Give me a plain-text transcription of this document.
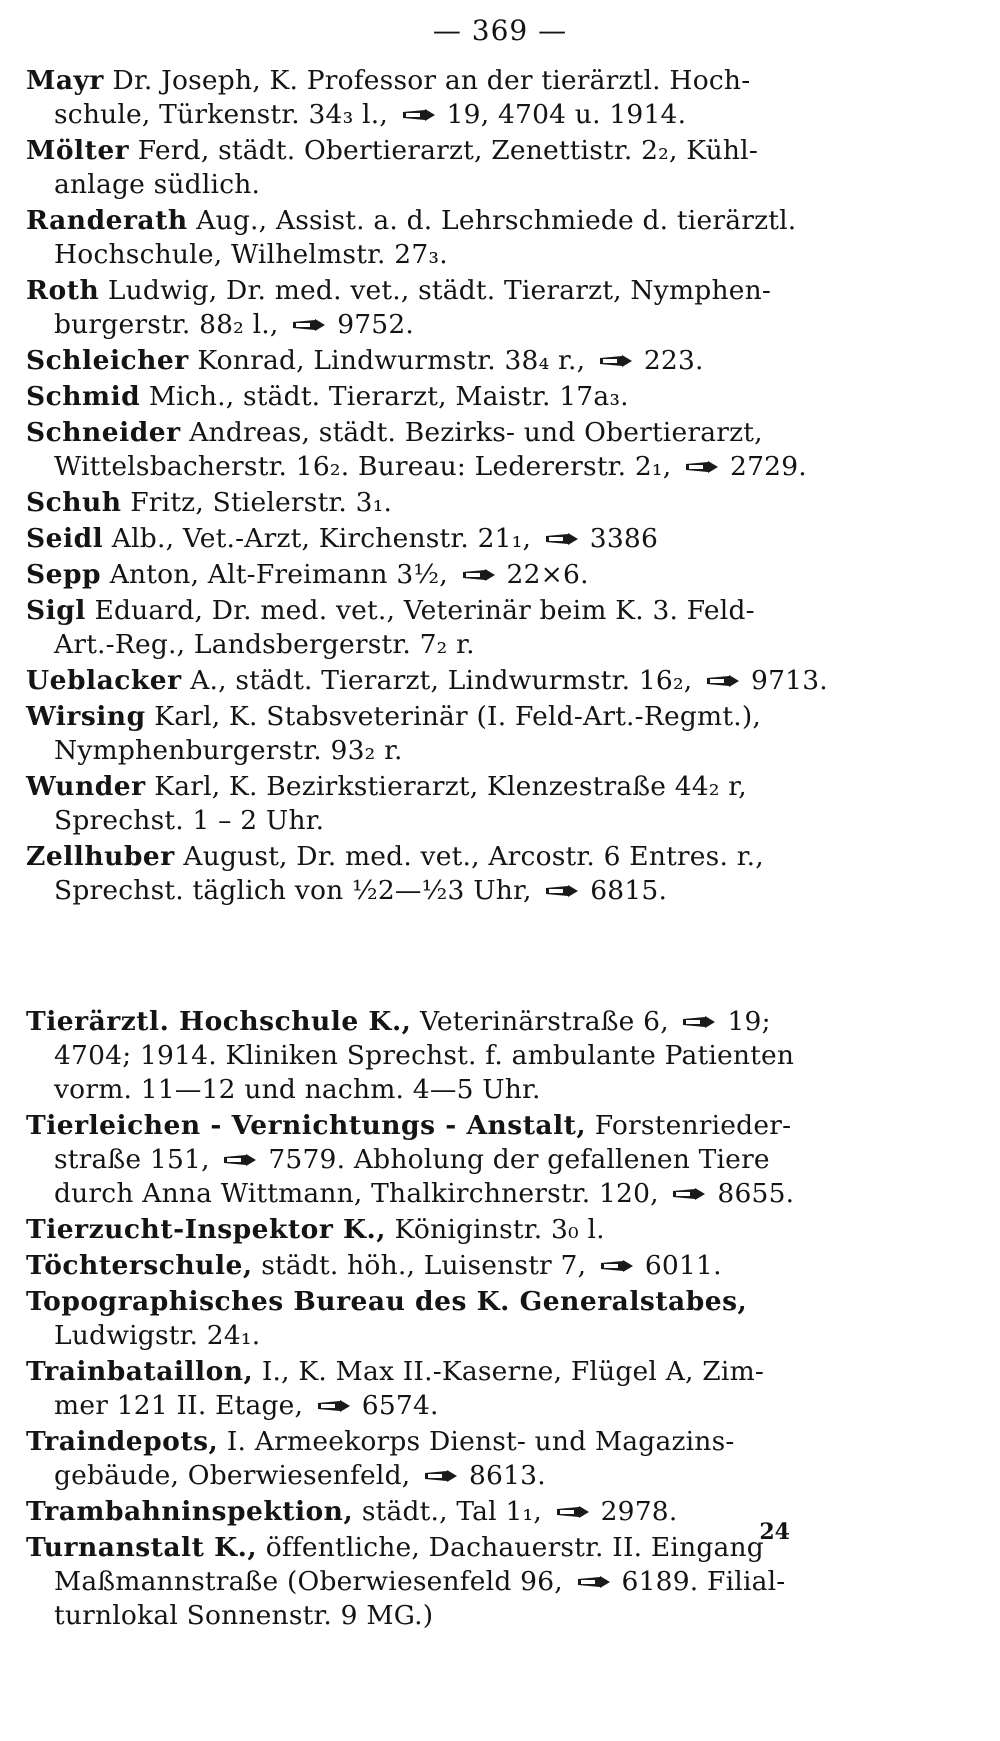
— 369 —
Mayr Dr. Joseph, K. Professor an der tierärztl. Hoch-
schule, Türkenstr. 34₃ l.,
19, 4704 u. 1914.
Mölter Ferd, städt. Obertierarzt, Zenettistr. 2₂, Kühl-
anlage südlich.
Randerath Aug., Assist. a. d. Lehrschmiede d. tierärztl.
Hochschule, Wilhelmstr. 27₃.
Roth Ludwig, Dr. med. vet., städt. Tierarzt, Nymphen-
burgerstr. 88₂ l.,
9752.
Schleicher Konrad, Lindwurmstr. 38₄ r.,
223.
Schmid Mich., städt. Tierarzt, Maistr. 17a₃.
Schneider Andreas, städt. Bezirks- und Obertierarzt,
Wittelsbacherstr. 16₂. Bureau: Ledererstr. 2₁,
2729.
Schuh Fritz, Stielerstr. 3₁.
Seidl Alb., Vet.-Arzt, Kirchenstr. 21₁,
3386
Sepp Anton, Alt-Freimann 3½,
22×6.
Sigl Eduard, Dr. med. vet., Veterinär beim K. 3. Feld-
Art.-Reg., Landsbergerstr. 7₂ r.
Ueblacker A., städt. Tierarzt, Lindwurmstr. 16₂,
9713.
Wirsing Karl, K. Stabsveterinär (I. Feld-Art.-Regmt.),
Nymphenburgerstr. 93₂ r.
Wunder Karl, K. Bezirkstierarzt, Klenzestraße 44₂ r,
Sprechst. 1 – 2 Uhr.
Zellhuber August, Dr. med. vet., Arcostr. 6 Entres. r.,
Sprechst. täglich von ½2—½3 Uhr,
6815.
Tierärztl. Hochschule K., Veterinärstraße 6,
19;
4704; 1914. Kliniken Sprechst. f. ambulante Patienten
vorm. 11—12 und nachm. 4—5 Uhr.
Tierleichen - Vernichtungs - Anstalt, Forstenrieder-
straße 151,
7579. Abholung der gefallenen Tiere
durch Anna Wittmann, Thalkirchnerstr. 120,
8655.
Tierzucht-Inspektor K., Königinstr. 3₀ l.
Töchterschule, städt. höh., Luisenstr 7,
6011.
Topographisches Bureau des K. Generalstabes,
Ludwigstr. 24₁.
Trainbataillon, I., K. Max II.-Kaserne, Flügel A, Zim-
mer 121 II. Etage,
6574.
Traindepots, I. Armeekorps Dienst- und Magazins-
gebäude, Oberwiesenfeld,
8613.
Trambahninspektion, städt., Tal 1₁,
2978.
Turnanstalt K., öffentliche, Dachauerstr. II. Eingang
Maßmannstraße (Oberwiesenfeld 96,
6189. Filial-
turnlokal Sonnenstr. 9 MG.)
24
